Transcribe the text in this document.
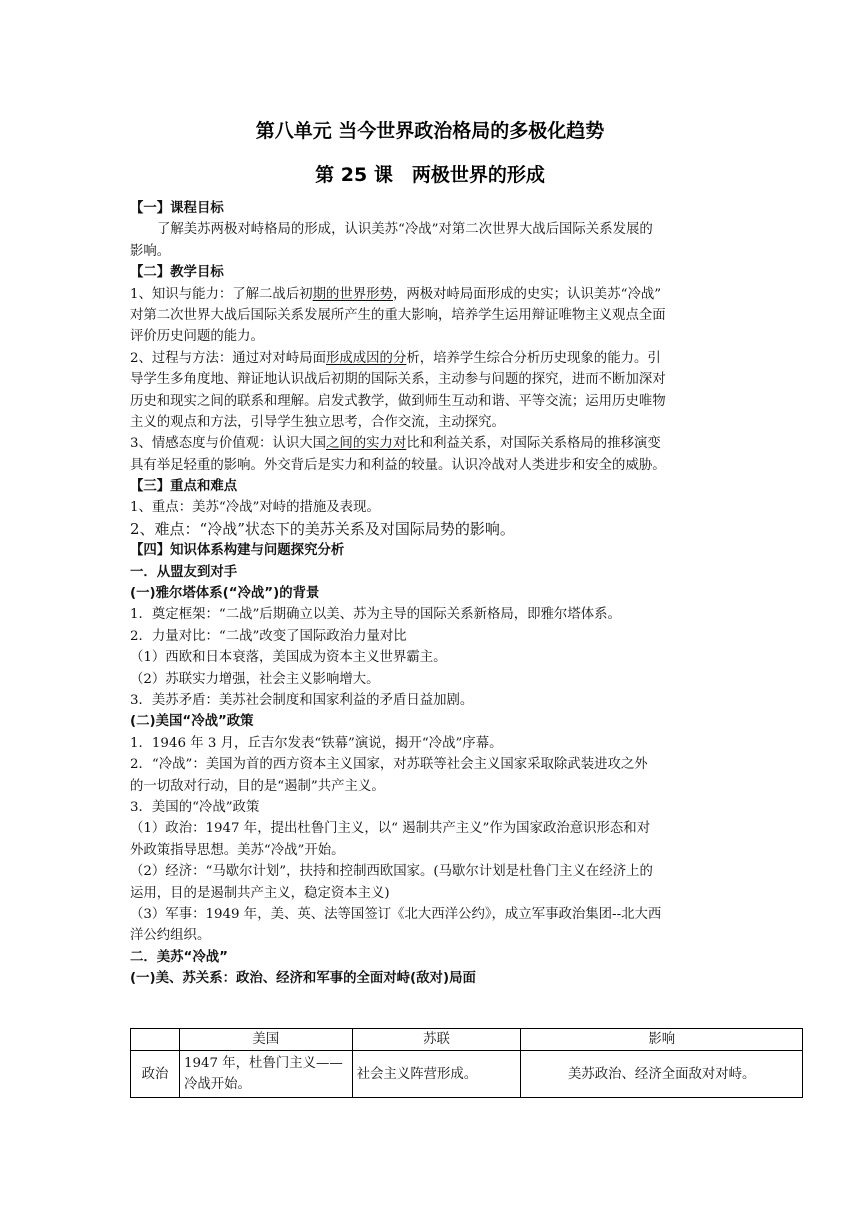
第八单元 当今世界政治格局的多极化趋势
第 25 课　两极世界的形成
【一】课程目标
了解美苏两极对峙格局的形成，认识美苏“冷战”对第二次世界大战后国际关系发展的
影响。
【二】教学目标
1、知识与能力：了解二战后初期的世界形势，两极对峙局面形成的史实；认识美苏“冷战”
对第二次世界大战后国际关系发展所产生的重大影响，培养学生运用辩证唯物主义观点全面
评价历史问题的能力。
2、过程与方法：通过对对峙局面形成成因的分析，培养学生综合分析历史现象的能力。引
导学生多角度地、辩证地认识战后初期的国际关系，主动参与问题的探究，进而不断加深对
历史和现实之间的联系和理解。启发式教学，做到师生互动和谐、平等交流；运用历史唯物
主义的观点和方法，引导学生独立思考，合作交流，主动探究。
3、情感态度与价值观：认识大国之间的实力对比和利益关系，对国际关系格局的推移演变
具有举足轻重的影响。外交背后是实力和利益的较量。认识冷战对人类进步和安全的威胁。
【三】重点和难点
1、重点：美苏“冷战”对峙的措施及表现。
2、难点：“冷战”状态下的美苏关系及对国际局势的影响。
【四】知识体系构建与问题探究分析
一．从盟友到对手
(一)雅尔塔体系(“冷战”)的背景
1．奠定框架：“二战”后期确立以美、苏为主导的国际关系新格局，即雅尔塔体系。
2．力量对比：“二战”改变了国际政治力量对比
（1）西欧和日本衰落，美国成为资本主义世界霸主。
（2）苏联实力增强，社会主义影响增大。
3．美苏矛盾：美苏社会制度和国家利益的矛盾日益加剧。
(二)美国“冷战”政策
1．1946 年 3 月，丘吉尔发表“铁幕”演说，揭开“冷战”序幕。
2．“冷战”：美国为首的西方资本主义国家，对苏联等社会主义国家采取除武装进攻之外
的一切敌对行动，目的是“遏制”共产主义。
3．美国的“冷战”政策
（1）政治：1947 年，提出杜鲁门主义，以“ 遏制共产主义”作为国家政治意识形态和对
外政策指导思想。美苏“冷战”开始。
（2）经济：“马歇尔计划”，扶持和控制西欧国家。(马歇尔计划是杜鲁门主义在经济上的
运用，目的是遏制共产主义，稳定资本主义)
（3）军事：1949 年，美、英、法等国签订《北大西洋公约》，成立军事政治集团--北大西
洋公约组织。
二．美苏“冷战”
(一)美、苏关系：政治、经济和军事的全面对峙(敌对)局面
	美国	苏联	影响
政治	1947 年，杜鲁门主义——冷战开始。	社会主义阵营形成。	美苏政治、经济全面敌对对峙。
